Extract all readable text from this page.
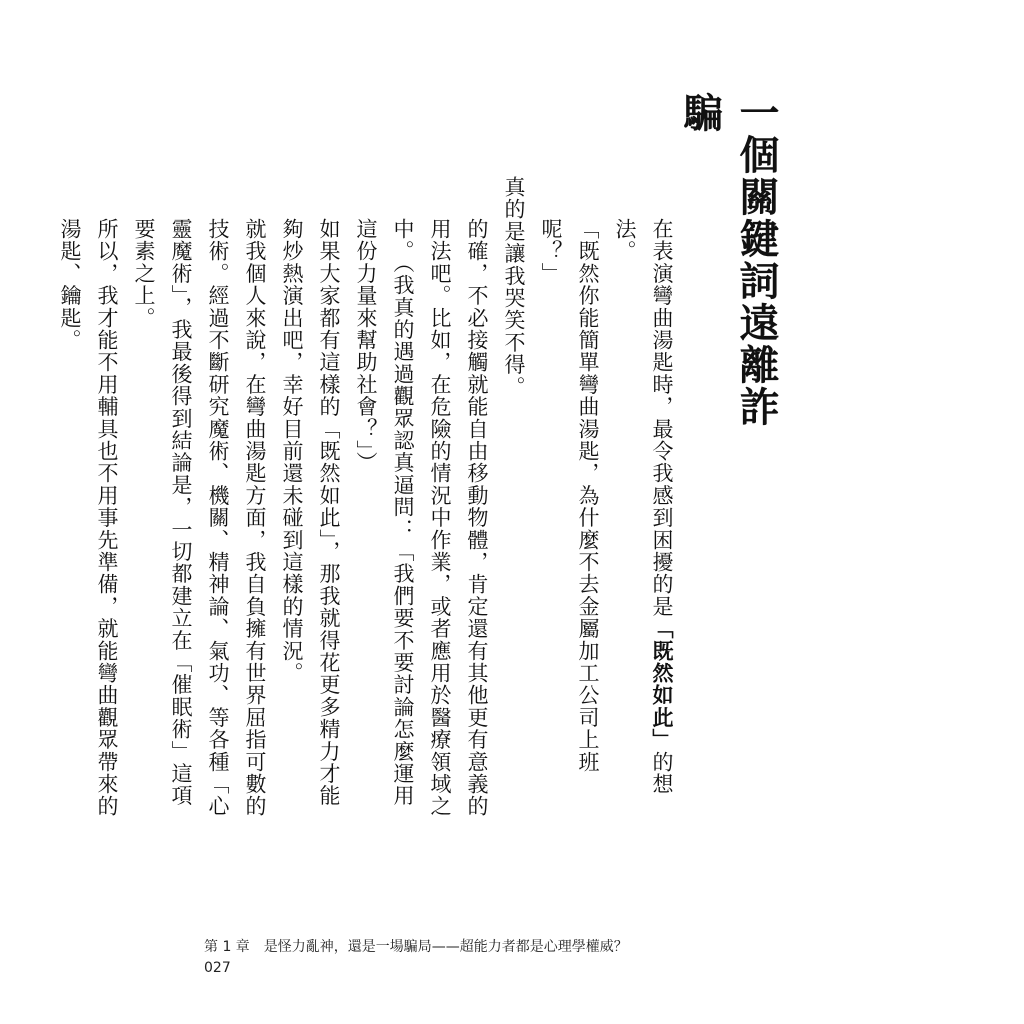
一個關鍵詞遠離詐騙

在表演彎曲湯匙時，最令我感到困擾的是「既然如此」的想法。

「既然你能簡單彎曲湯匙，為什麼不去金屬加工公司上班呢？」

真的是讓我哭笑不得。

的確，不必接觸就能自由移動物體，肯定還有其他更有意義的用法吧。比如，在危險的情況中作業，或者應用於醫療領域之中。（我真的遇過觀眾認真逼問：「我們要不要討論怎麼運用這份力量來幫助社會？」）

如果大家都有這樣的「既然如此」，那我就得花更多精力才能夠炒熱演出吧，幸好目前還未碰到這樣的情況。

就我個人來說，在彎曲湯匙方面，我自負擁有世界屈指可數的技術。經過不斷研究魔術、機關、精神論、氣功、等各種「心靈魔術」，我最後得到結論是，一切都建立在「催眠術」這項要素之上。

所以，我才能不用輔具也不用事先準備，就能彎曲觀眾帶來的湯匙、鑰匙。

第 1 章　是怪力亂神，還是一場騙局——超能力者都是心理學權威？
027
